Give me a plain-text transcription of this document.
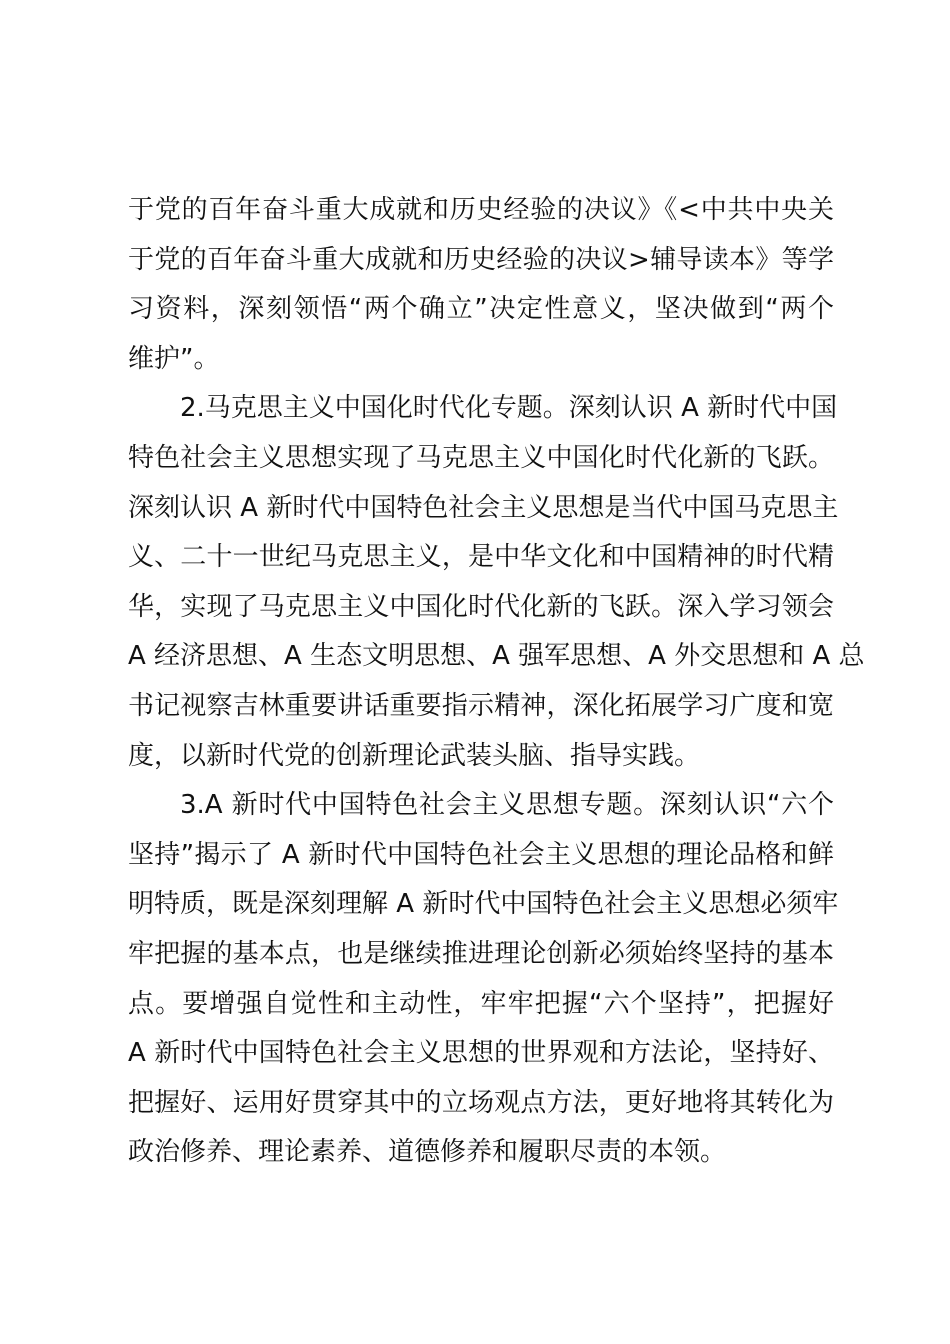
于党的百年奋斗重大成就和历史经验的决议》《<中共中央关
于党的百年奋斗重大成就和历史经验的决议>辅导读本》等学
习资料，深刻领悟“两个确立”决定性意义，坚决做到“两个
维护”。

2.马克思主义中国化时代化专题。深刻认识 A 新时代中国
特色社会主义思想实现了马克思主义中国化时代化新的飞跃。
深刻认识 A 新时代中国特色社会主义思想是当代中国马克思主
义、二十一世纪马克思主义，是中华文化和中国精神的时代精
华，实现了马克思主义中国化时代化新的飞跃。深入学习领会
A 经济思想、A 生态文明思想、A 强军思想、A 外交思想和 A 总
书记视察吉林重要讲话重要指示精神，深化拓展学习广度和宽
度，以新时代党的创新理论武装头脑、指导实践。

3.A 新时代中国特色社会主义思想专题。深刻认识“六个
坚持”揭示了 A 新时代中国特色社会主义思想的理论品格和鲜
明特质，既是深刻理解 A 新时代中国特色社会主义思想必须牢
牢把握的基本点，也是继续推进理论创新必须始终坚持的基本
点。要增强自觉性和主动性，牢牢把握“六个坚持”，把握好
A 新时代中国特色社会主义思想的世界观和方法论，坚持好、
把握好、运用好贯穿其中的立场观点方法，更好地将其转化为
政治修养、理论素养、道德修养和履职尽责的本领。
